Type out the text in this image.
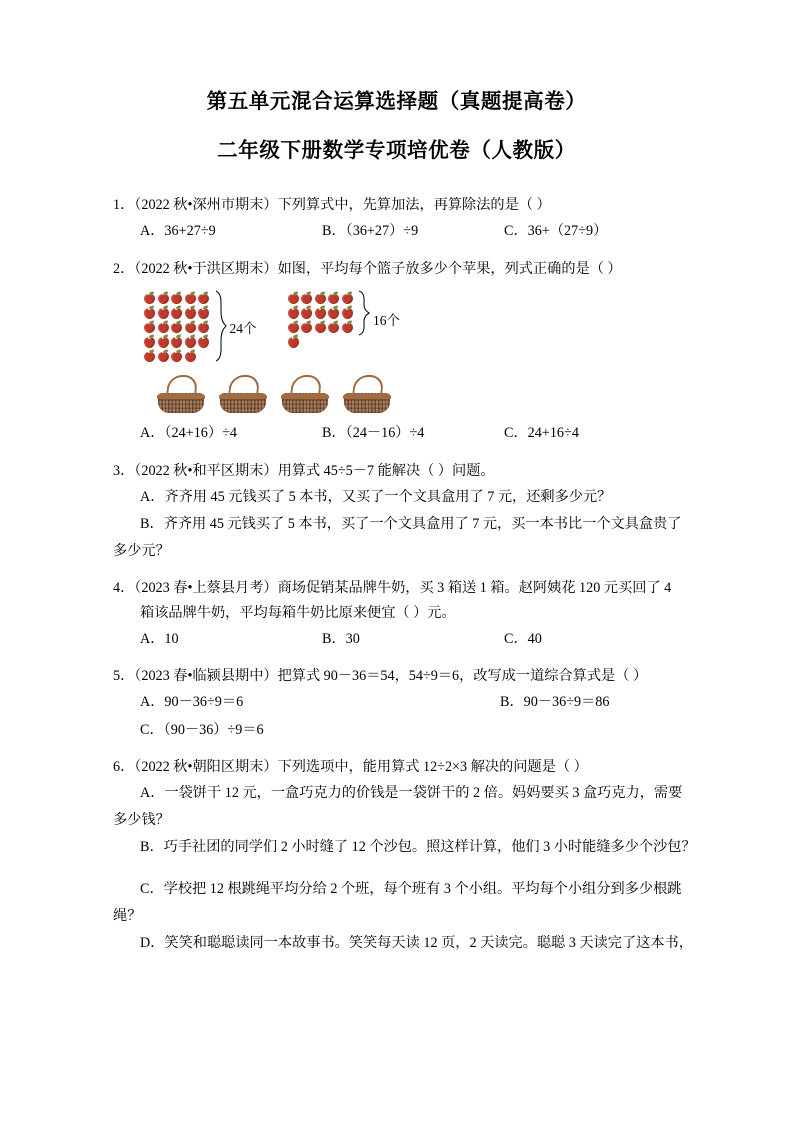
第五单元混合运算选择题（真题提高卷）
二年级下册数学专项培优卷（人教版）
1．（2022 秋•深州市期末）下列算式中，先算加法，再算除法的是（ ）
A．36+27÷9	B．（36+27）÷9	C．36+（27÷9）
2．（2022 秋•于洪区期末）如图，平均每个篮子放多少个苹果，列式正确的是（ ）
24个	16个
A．（24+16）÷4	B．（24－16）÷4	C．24+16÷4
3．（2022 秋•和平区期末）用算式 45÷5－7 能解决（ ）问题。
A．齐齐用 45 元钱买了 5 本书，又买了一个文具盒用了 7 元，还剩多少元？
B．齐齐用 45 元钱买了 5 本书，买了一个文具盒用了 7 元，买一本书比一个文具盒贵了
多少元？
4．（2023 春•上蔡县月考）商场促销某品牌牛奶，买 3 箱送 1 箱。赵阿姨花 120 元买回了 4
箱该品牌牛奶，平均每箱牛奶比原来便宜（ ）元。
A．10	B．30	C．40
5．（2023 春•临颍县期中）把算式 90－36＝54，54÷9＝6，改写成一道综合算式是（ ）
A．90－36÷9＝6	B．90－36÷9＝86
C．（90－36）÷9＝6
6．（2022 秋•朝阳区期末）下列选项中，能用算式 12÷2×3 解决的问题是（ ）
A．一袋饼干 12 元，一盒巧克力的价钱是一袋饼干的 2 倍。妈妈要买 3 盒巧克力，需要
多少钱？
B．巧手社团的同学们 2 小时缝了 12 个沙包。照这样计算，他们 3 小时能缝多少个沙包？
C．学校把 12 根跳绳平均分给 2 个班，每个班有 3 个小组。平均每个小组分到多少根跳
绳？
D．笑笑和聪聪读同一本故事书。笑笑每天读 12 页，2 天读完。聪聪 3 天读完了这本书，
